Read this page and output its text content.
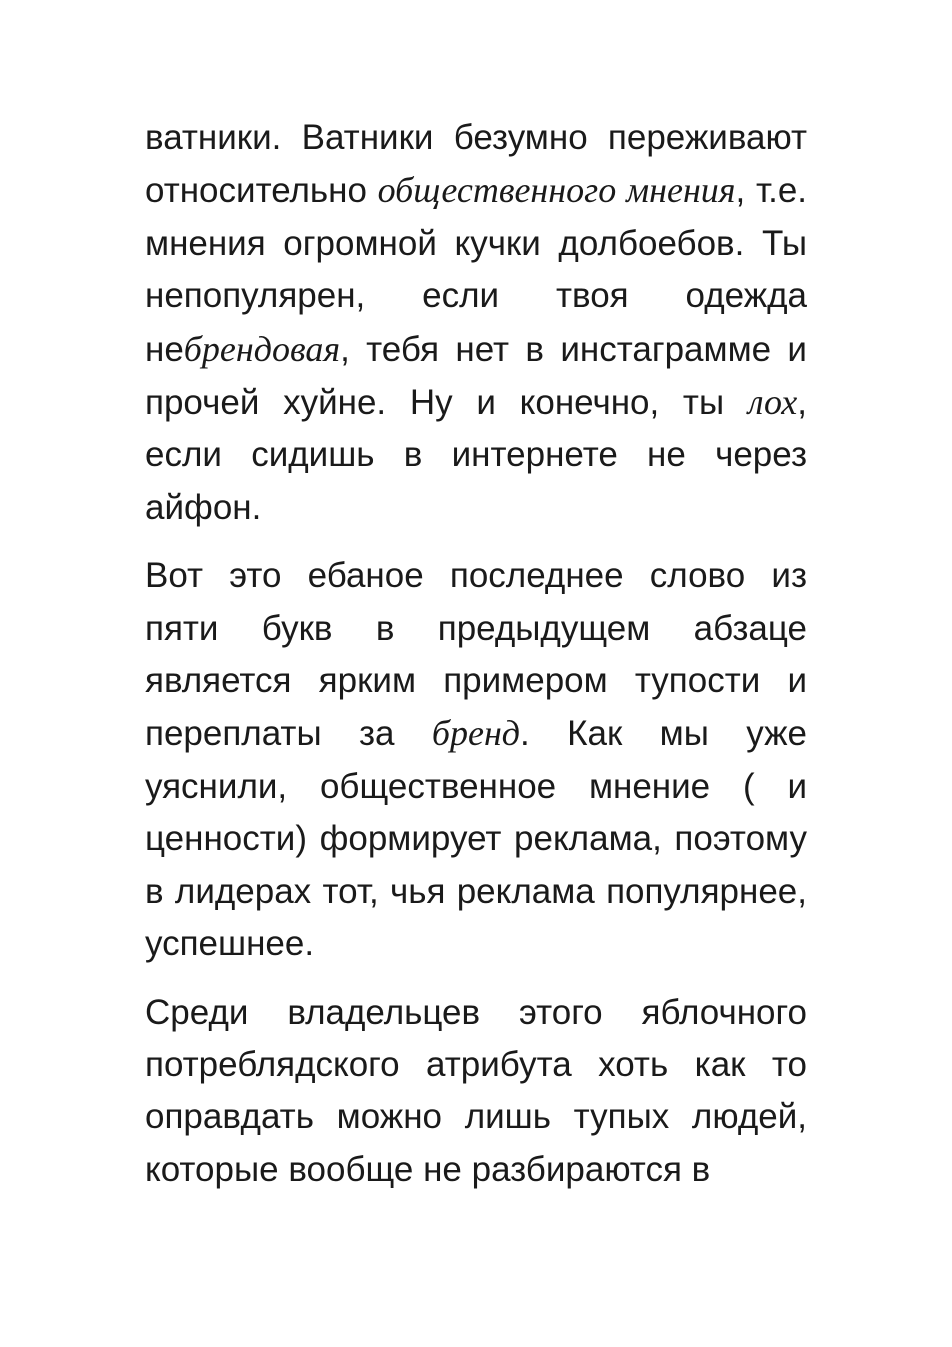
ватники. Ватники безумно переживают относительно общественного мнения, т.е. мнения огромной кучки долбоебов. Ты непопулярен, если твоя одежда небрендовая, тебя нет в инстаграмме и прочей хуйне. Ну и конечно, ты лох, если сидишь в интернете не через айфон.

Вот это ебаное последнее слово из пяти букв в предыдущем абзаце является ярким примером тупости и переплаты за бренд. Как мы уже уяснили, общественное мнение ( и ценности) формирует реклама, поэтому в лидерах тот, чья реклама популярнее, успешнее.

Среди владельцев этого яблочного потреблядского атрибута хоть как то оправдать можно лишь тупых людей, которые вообще не разбираются в
